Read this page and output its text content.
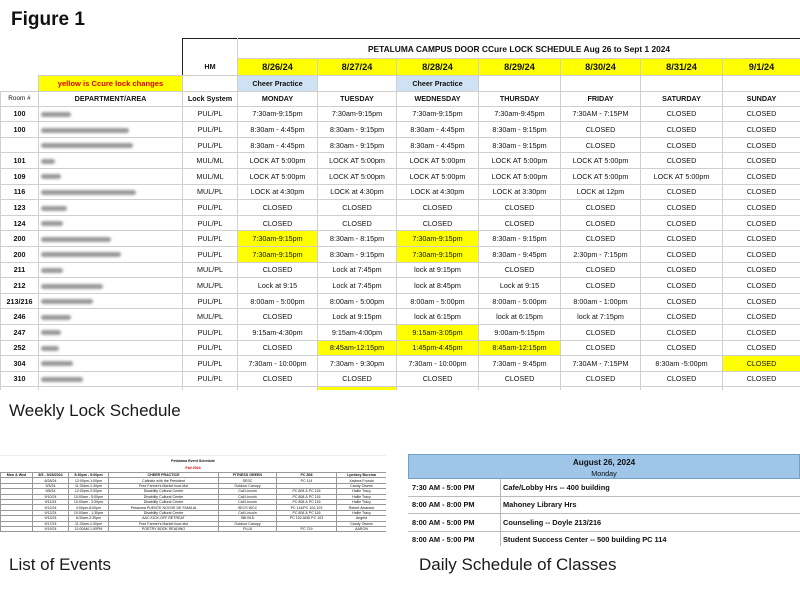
Figure 1
			PETALUMA CAMPUS DOOR CCure LOCK SCHEDULE Aug 26 to Sept 1 2024						
		HM	8/26/24	8/27/24	8/28/24	8/29/24	8/30/24	8/31/24	9/1/24
	yellow is Ccure lock changes		Cheer Practice		Cheer Practice				
Room #	DEPARTMENT/AREA	Lock System	MONDAY	TUESDAY	WEDNESDAY	THURSDAY	FRIDAY	SATURDAY	SUNDAY
100		PUL/PL	7:30am-9:15pm	7:30am-9:15pm	7:30am-9:15pm	7:30am-9:45pm	7:30AM - 7:15PM	CLOSED	CLOSED
100		PUL/PL	8:30am - 4:45pm	8:30am - 9:15pm	8:30am - 4:45pm	8:30am - 9:15pm	CLOSED	CLOSED	CLOSED
		PUL/PL	8:30am - 4:45pm	8:30am - 9:15pm	8:30am - 4:45pm	8:30am - 9:15pm	CLOSED	CLOSED	CLOSED
101		MUL/ML	LOCK AT 5:00pm	LOCK AT 5:00pm	LOCK AT 5:00pm	LOCK AT 5:00pm	LOCK AT 5:00pm	CLOSED	CLOSED
109		MUL/ML	LOCK AT 5:00pm	LOCK AT 5:00pm	LOCK AT 5:00pm	LOCK AT 5:00pm	LOCK AT 5:00pm	LOCK AT 5:00pm	CLOSED
116		MUL/PL	LOCK at 4:30pm	LOCK at 4:30pm	LOCK at 4:30pm	LOCK at 3:30pm	LOCK at 12pm	CLOSED	CLOSED
123		PUL/PL	CLOSED	CLOSED	CLOSED	CLOSED	CLOSED	CLOSED	CLOSED
124		PUL/PL	CLOSED	CLOSED	CLOSED	CLOSED	CLOSED	CLOSED	CLOSED
200		PUL/PL	7:30am-9:15pm	8:30am - 8:15pm	7:30am-9:15pm	8:30am - 9:15pm	CLOSED	CLOSED	CLOSED
200		PUL/PL	7:30am-9:15pm	8:30am - 9:15pm	7:30am-9:15pm	8:30am - 9:45pm	2:30pm - 7:15pm	CLOSED	CLOSED
211		MUL/PL	CLOSED	Lock at 7:45pm	lock at 9:15pm	CLOSED	CLOSED	CLOSED	CLOSED
212		MUL/PL	Lock at 9:15	Lock at 7:45pm	lock at 8:45pm	Lock at 9:15	CLOSED	CLOSED	CLOSED
213/216		PUL/PL	8:00am - 5:00pm	8:00am - 5:00pm	8:00am - 5:00pm	8:00am - 5:00pm	8:00am - 1:00pm	CLOSED	CLOSED
246		MUL/PL	CLOSED	Lock at 9:15pm	lock at 6:15pm	lock at 6:15pm	lock at 7:15pm	CLOSED	CLOSED
247		PUL/PL	9:15am-4:30pm	9:15am-4:00pm	9:15am-3:05pm	9:00am-5:15pm	CLOSED	CLOSED	CLOSED
252		PUL/PL	CLOSED	8:45am-12:15pm	1:45pm-4:45pm	8:45am-12:15pm	CLOSED	CLOSED	CLOSED
304		PUL/PL	7:30am - 10:00pm	7:30am - 9:30pm	7:30am - 10:00pm	7:30am - 9:45pm	7:30AM - 7:15PM	8:30am -5:00pm	CLOSED
310		PUL/PL	CLOSED	CLOSED	CLOSED	CLOSED	CLOSED	CLOSED	CLOSED

Weekly Lock Schedule
Petaluma Event Schedule
Fall 2024
Mon & Wed	8/5 - 9/28/2024	5:30pm - 9:00pm	CHEER PRACTICE	FITNESS GREEN	PC 808	Lyndsey Burcina
	8/28/24	12:00pm-1:00pm	Cafecito with the President	SESC	PC 114	Xaviera Frondo
	9/3/24	11:30am-1:30pm	Free Farmer's Market food dist	Outdoor Canopy		Candy Owens
	9/6/24	12:00pm-2:00pm	Disability Cultural Center	Call Lincoln	PC 808 & PC 116	Hallie Tracy
	9/10/24	10:00am - 5:00pm	Disability Cultural Center	Call Lincoln	PC 808 & PC 116	Hallie Tracy
	9/11/24	10:00am - 3:30pm	Disability Cultural Center	Call Lincoln	PC 808 & PC 116	Hallie Tracy
	9/12/24	4:00pm-8:00pm	Petaluma PUENTE NOCHE DE FAMILIA	SECS WCC	PC 114/PC 102,103	Robert Alvarado
	9/12/24	10:00am - 1:30pm	Disability Cultural Center	Call Lincoln	PC 808 & PC 116	Hallie Tracy
	9/13/24	8:30am-2:30pm	AAC KICK-OFF RETREAT	SBI BLD	PC 102 AND PC 103	Angela
	9/17/24	11:30am-1:30pm	Free Farmer's Market food dist	Outdoor Canopy		Candy Owens
	9/19/24	11:00AM-1:00PM	POETRY BOOK READING	PLLB	PC 719	AARON
August 26, 2024
Monday
7:30 AM - 5:00 PM	Cafe/Lobby Hrs -- 400 building
8:00 AM - 8:00 PM	Mahoney Library Hrs
8:00 AM - 5:00 PM	Counseling -- Doyle 213/216
8:00 AM - 5:00 PM	Student Success Center -- 500 building PC 114
List of Events	Daily Schedule of Classes
